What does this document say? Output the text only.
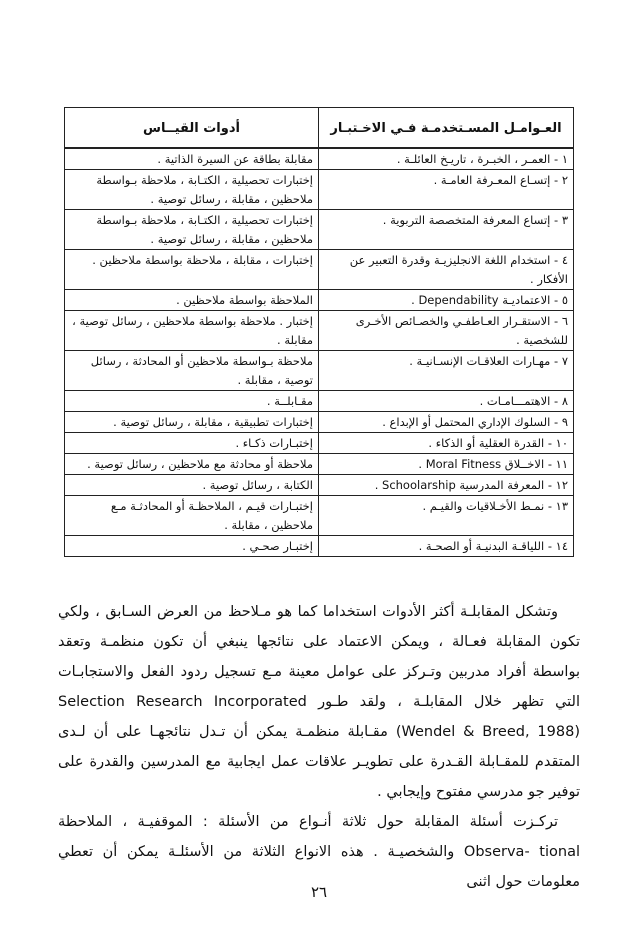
العـوامـل المسـتخدمـة فـي الاخـتبـار	أدوات القيــاس
١ - العمـر ، الخبـرة ، تاريـخ العائلـة .	مقابلة بطاقة عن السيرة الذاتية .
٢ - إتسـاع المعـرفة العامـة .	إختبارات تحصيلية ، الكتـابة ، ملاحظة بـواسطة ملاحظين ، مقابلة ، رسائل توصية .
٣ - إتساع المعرفة المتخصصة التربوية .	إختبارات تحصيلية ، الكتـابة ، ملاحظة بـواسطة ملاحظين ، مقابلة ، رسائل توصية .
٤ - استخدام اللغة الانجليزيـة وقدرة التعبير عن الأفكار .	إختبارات ، مقابلة ، ملاحظة بواسطة ملاحظين .
٥ - الاعتماديـة Dependability .	الملاحظة بواسطة ملاحظين .
٦ - الاستقـرار العـاطفـي والخصـائص الأخـرى للشخصية .	إختبار . ملاحظة بواسطة ملاحظين ، رسائل توصية ، مقابلة .
٧ - مهـارات العلاقـات الإنسـانيـة .	ملاحظة بـواسطة ملاحظين أو المحادثة ، رسائل توصية ، مقابلة .
٨ - الاهتمـــامـات .	مقـابلــة .
٩ - السلوك الإداري المحتمل أو الإبداع .	إختبارات تطبيقية ، مقابلة ، رسائل توصية .
١٠ - القدرة العقلية أو الذكاء .	إختبـارات ذكـاء .
١١ - الاخــلاق Moral Fitness .	ملاحظة أو محادثة مع ملاحظين ، رسائل توصية .
١٢ - المعرفة المدرسية Schoolarship .	الكتابة ، رسائل توصية .
١٣ - نمـط الأخـلاقيات والقيـم .	إختبـارات قيـم ، الملاحظـة أو المحادثـة مـع ملاحظين ، مقابلة .
١٤ - اللياقـة البدنيـة أو الصحـة .	إختبـار صحـي .

وتشكل المقابلـة أكثر الأدوات استخداما كما هو مـلاحظ من العرض السـابق ، ولكي تكون المقابلة فعـالة ، ويمكن الاعتماد على نتائجها ينبغي أن تكون منظمـة وتعقد بواسطة أفراد مدربين وتـركز على عوامل معينة مـع تسجيل ردود الفعل والاستجابـات التي تظهر خلال المقابلـة ، ولقد طـور Selection Research Incorporated (Wendel & Breed, 1988) مقـابلة منظمـة يمكن أن تـدل نتائجهـا على أن لـدى المتقدم للمقـابلة القـدرة على تطويـر علاقات عمل ايجابية مع المدرسين والقدرة على توفير جو مدرسي مفتوح وإيجابي .

تركـزت أسئلة المقابلة حول ثلاثة أنـواع من الأسئلة : الموقفيـة ، الملاحظة Observa- tional والشخصيـة . هذه الانواع الثلاثة من الأسئلـة يمكن أن تعطي معلومات حول اثنى

٢٦
